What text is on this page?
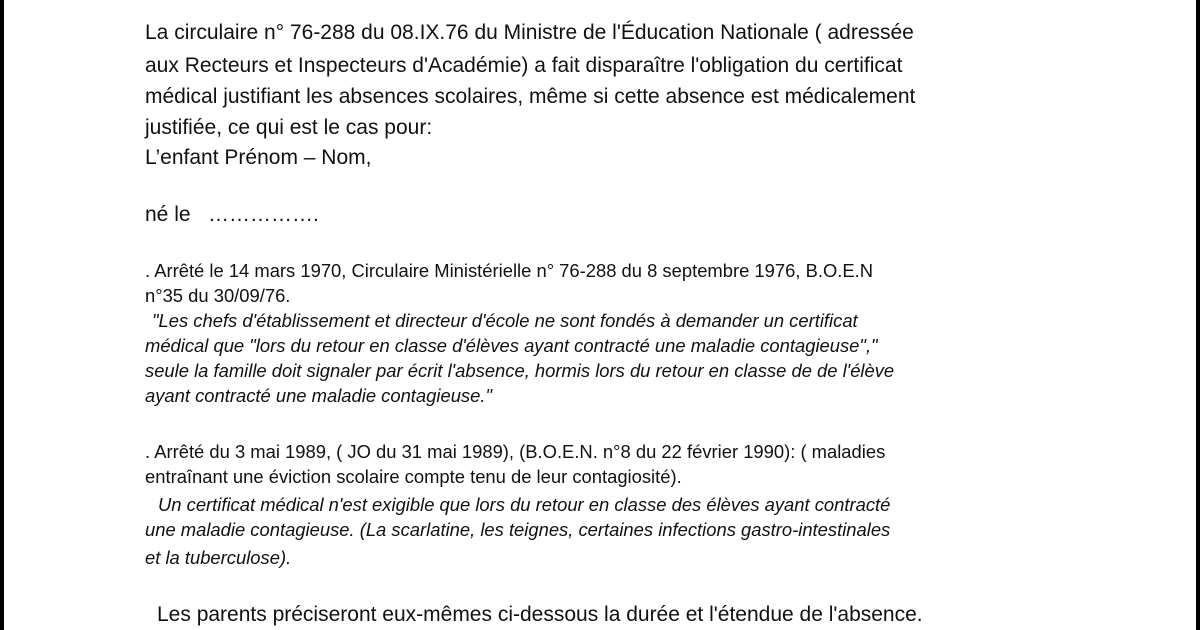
La circulaire n° 76-288 du 08.IX.76 du Ministre de l'Éducation Nationale ( adressée

aux Recteurs et Inspecteurs d'Académie) a fait disparaître l'obligation du certificat

médical justifiant les absences scolaires, même si cette absence est médicalement

justifiée, ce qui est le cas pour:

L’enfant Prénom – Nom,

né le   …………….

. Arrêté le 14 mars 1970, Circulaire Ministérielle n° 76-288 du 8 septembre 1976, B.O.E.N

n°35 du 30/09/76.

"Les chefs d'établissement et directeur d'école ne sont fondés à demander un certificat

médical que "lors du retour en classe d'élèves ayant contracté une maladie contagieuse","

seule la famille doit signaler par écrit l'absence, hormis lors du retour en classe de de l'élève

ayant contracté une maladie contagieuse."

. Arrêté du 3 mai 1989, ( JO du 31 mai 1989), (B.O.E.N. n°8 du 22 février 1990): ( maladies

entraînant une éviction scolaire compte tenu de leur contagiosité).

Un certificat médical n'est exigible que lors du retour en classe des élèves ayant contracté

une maladie contagieuse. (La scarlatine, les teignes, certaines infections gastro-intestinales

et la tuberculose).

Les parents préciseront eux-mêmes ci-dessous la durée et l'étendue de l'absence.
